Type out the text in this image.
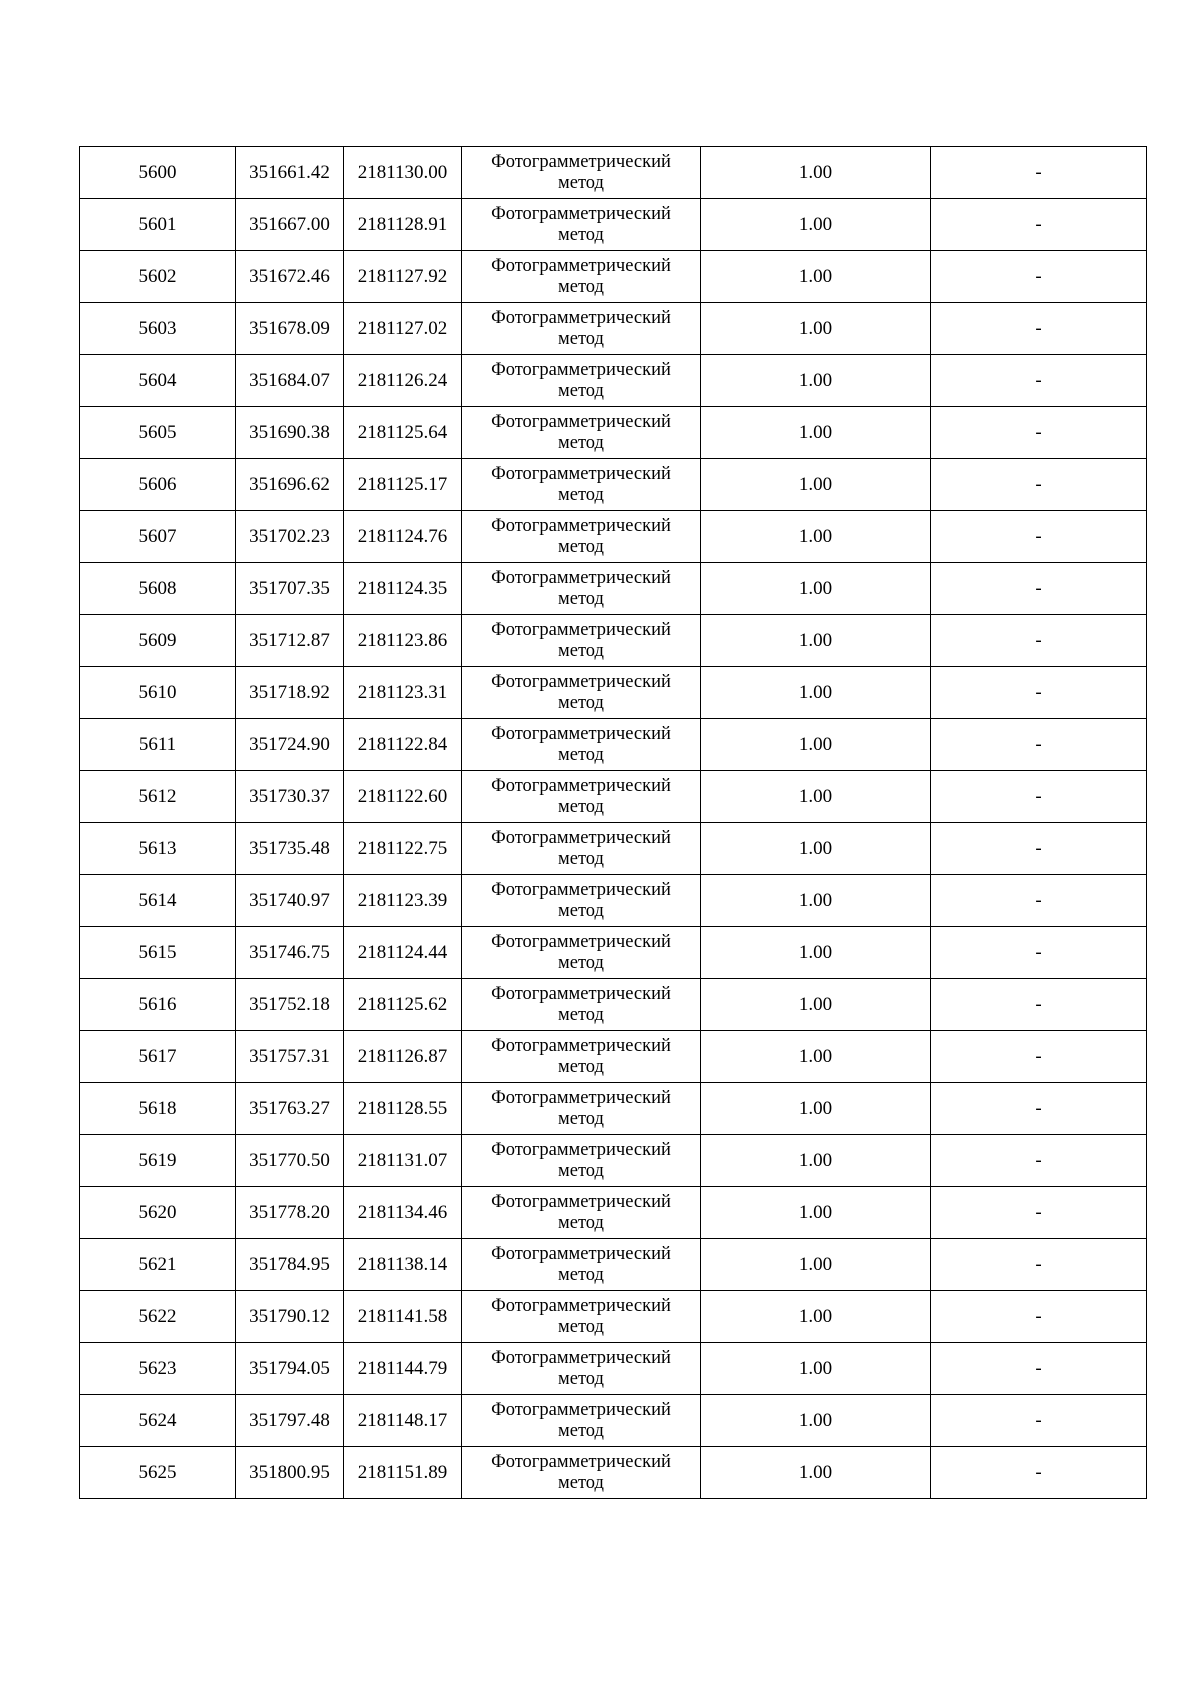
5600	351661.42	2181130.00	Фотограмметрический метод	1.00	-
5601	351667.00	2181128.91	Фотограмметрический метод	1.00	-
5602	351672.46	2181127.92	Фотограмметрический метод	1.00	-
5603	351678.09	2181127.02	Фотограмметрический метод	1.00	-
5604	351684.07	2181126.24	Фотограмметрический метод	1.00	-
5605	351690.38	2181125.64	Фотограмметрический метод	1.00	-
5606	351696.62	2181125.17	Фотограмметрический метод	1.00	-
5607	351702.23	2181124.76	Фотограмметрический метод	1.00	-
5608	351707.35	2181124.35	Фотограмметрический метод	1.00	-
5609	351712.87	2181123.86	Фотограмметрический метод	1.00	-
5610	351718.92	2181123.31	Фотограмметрический метод	1.00	-
5611	351724.90	2181122.84	Фотограмметрический метод	1.00	-
5612	351730.37	2181122.60	Фотограмметрический метод	1.00	-
5613	351735.48	2181122.75	Фотограмметрический метод	1.00	-
5614	351740.97	2181123.39	Фотограмметрический метод	1.00	-
5615	351746.75	2181124.44	Фотограмметрический метод	1.00	-
5616	351752.18	2181125.62	Фотограмметрический метод	1.00	-
5617	351757.31	2181126.87	Фотограмметрический метод	1.00	-
5618	351763.27	2181128.55	Фотограмметрический метод	1.00	-
5619	351770.50	2181131.07	Фотограмметрический метод	1.00	-
5620	351778.20	2181134.46	Фотограмметрический метод	1.00	-
5621	351784.95	2181138.14	Фотограмметрический метод	1.00	-
5622	351790.12	2181141.58	Фотограмметрический метод	1.00	-
5623	351794.05	2181144.79	Фотограмметрический метод	1.00	-
5624	351797.48	2181148.17	Фотограмметрический метод	1.00	-
5625	351800.95	2181151.89	Фотограмметрический метод	1.00	-
